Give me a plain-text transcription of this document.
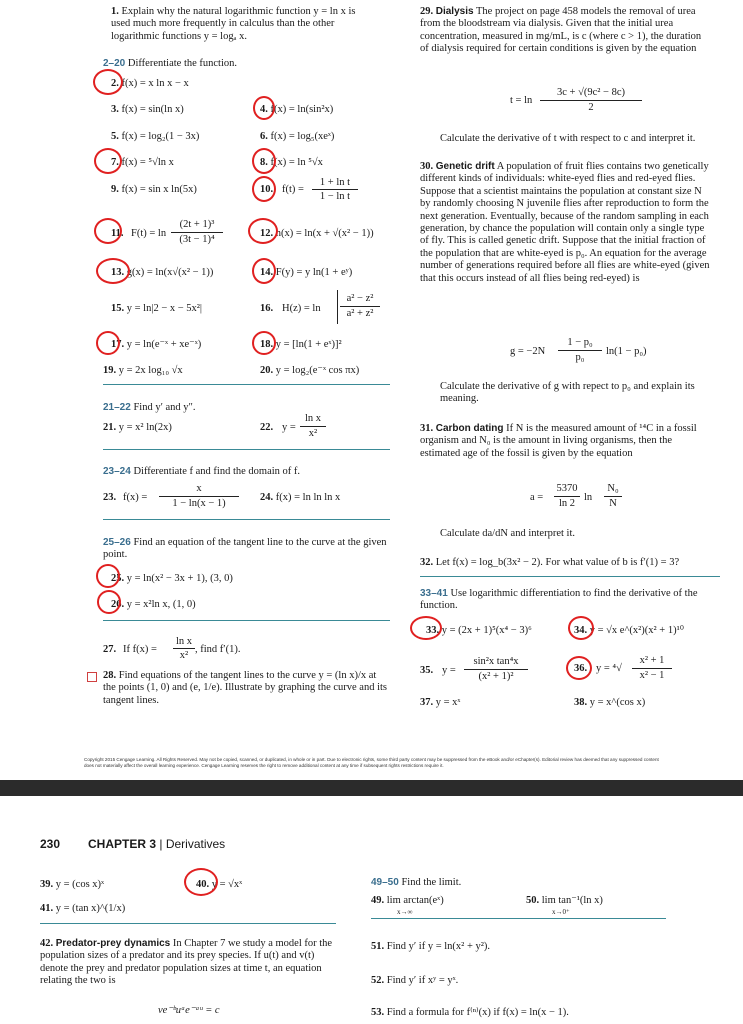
1. Explain why the natural logarithmic function y = ln x is used much more frequently in calculus than the other logarithmic functions y = logₐ x.
2–20 Differentiate the function.
2. f(x) = x ln x − x
3. f(x) = sin(ln x)	4. f(x) = ln(sin²x)
5. f(x) = log₂(1 − 3x)	6. f(x) = log₅(xeˣ)
7. f(x) = ⁵√ln x	8. f(x) = ln ⁵√x
9. f(x) = sin x ln(5x)	10. f(t) =
1 + ln t
1 − ln t
11. F(t) = ln
(2t + 1)³
(3t − 1)⁴
12. h(x) = ln(x + √(x² − 1))
13. g(x) = ln(x√(x² − 1))	14. F(y) = y ln(1 + eʸ)
15. y = ln|2 − x − 5x²|	16. H(z) = ln
a² − z²
a² + z²
17. y = ln(e⁻ˣ + xe⁻ˣ)	18. y = [ln(1 + eˣ)]²
19. y = 2x log₁₀ √x	20. y = log₂(e⁻ˣ cos πx)
21–22 Find y′ and y″.
21. y = x² ln(2x)	22. y =
ln x
x²
23–24 Differentiate f and find the domain of f.
23. f(x) =
x
1 − ln(x − 1)
24. f(x) = ln ln ln x
25–26 Find an equation of the tangent line to the curve at the given point.
25. y = ln(x² − 3x + 1), (3, 0)
26. y = x²ln x, (1, 0)
27. If f(x) =
ln x
x²
, find f′(1).
28. Find equations of the tangent lines to the curve y = (ln x)/x at the points (1, 0) and (e, 1/e). Illustrate by graphing the curve and its tangent lines.
29. Dialysis The project on page 458 models the removal of urea from the bloodstream via dialysis. Given that the initial urea concentration, measured in mg/mL, is c (where c > 1), the duration of dialysis required for certain conditions is given by the equation
t = ln
3c + √(9c² − 8c)
2
Calculate the derivative of t with respect to c and interpret it.
30. Genetic drift A population of fruit flies contains two genetically different kinds of individuals: white-eyed flies and red-eyed flies. Suppose that a scientist maintains the population at constant size N by randomly choosing N juvenile flies after reproduction to form the next generation. Eventually, because of the random sampling in each generation, by chance the population will contain only a single type of fly. This is called genetic drift. Suppose that the initial fraction of the population that are white-eyed is p₀. An equation for the average number of generations required before all flies are white-eyed (given that this occurs instead of all flies being red-eyed) is
g = −2N
1 − p₀
p₀
ln(1 − p₀)
Calculate the derivative of g with repect to p₀ and explain its meaning.
31. Carbon dating If N is the measured amount of ¹⁴C in a fossil organism and N₀ is the amount in living organisms, then the estimated age of the fossil is given by the equation
a =
5370
ln 2
ln
N₀
N
Calculate da/dN and interpret it.
32. Let f(x) = log_b(3x² − 2). For what value of b is f′(1) = 3?
33–41 Use logarithmic differentiation to find the derivative of the function.
33. y = (2x + 1)⁵(x⁴ − 3)⁶	34. y = √x e^(x²)(x² + 1)¹⁰
35. y =
sin²x tan⁴x
(x² + 1)²
36. y = ⁴√
x² + 1
x² − 1
37. y = xˣ	38. y = x^(cos x)
Copyright 2015 Cengage Learning. All Rights Reserved. May not be copied, scanned, or duplicated, in whole or in part. Due to electronic rights, some third party content may be suppressed from the eBook and/or eChapter(s). Editorial review has deemed that any suppressed content does not materially affect the overall learning experience. Cengage Learning reserves the right to remove additional content at any time if subsequent rights restrictions require it.
230 CHAPTER 3 | Derivatives
39. y = (cos x)ˣ	40. y = √xˣ
41. y = (tan x)^(1/x)
42. Predator-prey dynamics In Chapter 7 we study a model for the population sizes of a predator and its prey species. If u(t) and v(t) denote the prey and predator population sizes at time t, an equation relating the two is
ve⁻ᵇuᵃe⁻ᵃᵘ = c
49–50 Find the limit.
49. lim arctan(eˣ)
x→∞
50. lim tan⁻¹(ln x)
x→0⁺
51. Find y′ if y = ln(x² + y²).
52. Find y′ if xʸ = yˣ.
53. Find a formula for f⁽ⁿ⁾(x) if f(x) = ln(x − 1).
